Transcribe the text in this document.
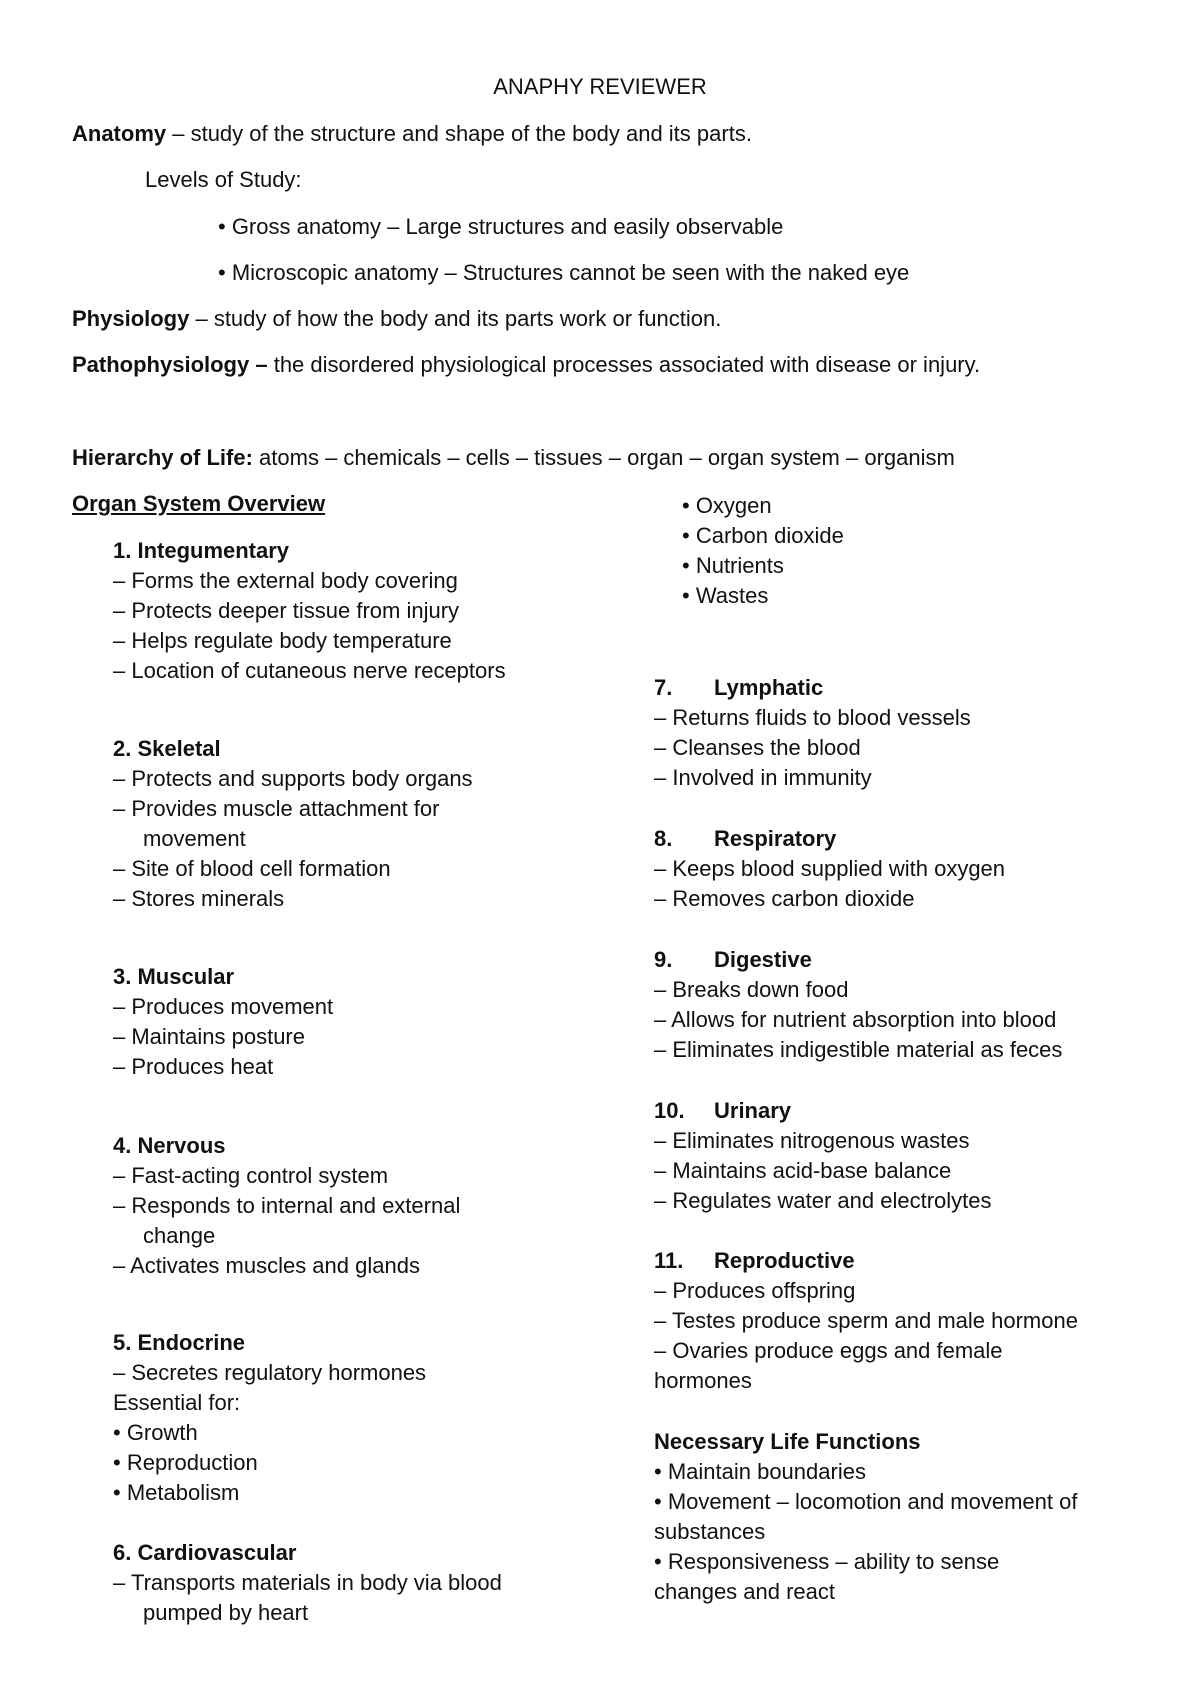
ANAPHY REVIEWER
Anatomy – study of the structure and shape of the body and its parts.
Levels of Study:
• Gross anatomy – Large structures and easily observable
• Microscopic anatomy – Structures cannot be seen with the naked eye
Physiology – study of how the body and its parts work or function.
Pathophysiology – the disordered physiological processes associated with disease or injury.
Hierarchy of Life: atoms – chemicals – cells – tissues – organ – organ system – organism
Organ System Overview
1. Integumentary
– Forms the external body covering
– Protects deeper tissue from injury
– Helps regulate body temperature
– Location of cutaneous nerve receptors
2. Skeletal
– Protects and supports body organs
– Provides muscle attachment for
movement
– Site of blood cell formation
– Stores minerals
3. Muscular
– Produces movement
– Maintains posture
– Produces heat
4. Nervous
– Fast-acting control system
– Responds to internal and external
change
– Activates muscles and glands
5. Endocrine
– Secretes regulatory hormones
Essential for:
• Growth
• Reproduction
• Metabolism
6. Cardiovascular
– Transports materials in body via blood
pumped by heart
• Oxygen
• Carbon dioxide
• Nutrients
• Wastes
7. Lymphatic
– Returns fluids to blood vessels
– Cleanses the blood
– Involved in immunity
8. Respiratory
– Keeps blood supplied with oxygen
– Removes carbon dioxide
9. Digestive
– Breaks down food
– Allows for nutrient absorption into blood
– Eliminates indigestible material as feces
10. Urinary
– Eliminates nitrogenous wastes
– Maintains acid-base balance
– Regulates water and electrolytes
11. Reproductive
– Produces offspring
– Testes produce sperm and male hormone
– Ovaries produce eggs and female
hormones
Necessary Life Functions
• Maintain boundaries
• Movement – locomotion and movement of
substances
• Responsiveness – ability to sense
changes and react
